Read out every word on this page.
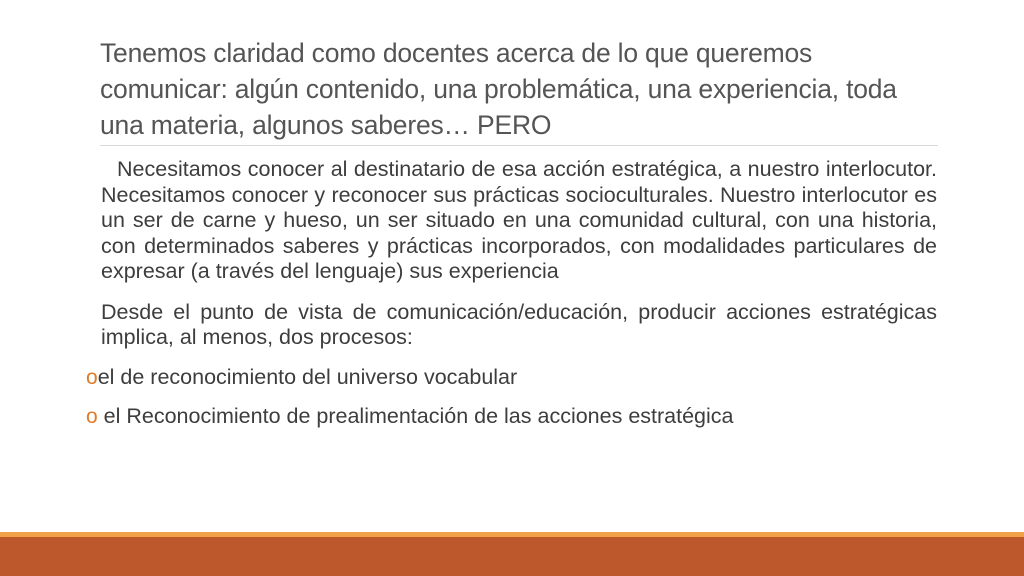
Tenemos claridad como docentes acerca de lo que queremos comunicar: algún contenido, una problemática, una experiencia, toda una materia, algunos saberes… PERO

Necesitamos conocer al destinatario de esa acción estratégica, a nuestro interlocutor. Necesitamos conocer y reconocer sus prácticas socioculturales. Nuestro interlocutor es un ser de carne y hueso, un ser situado en una comunidad cultural, con una historia, con determinados saberes y prácticas incorporados, con modalidades particulares de expresar (a través del lenguaje) sus experiencia

Desde el punto de vista de comunicación/educación, producir acciones estratégicas implica, al menos, dos procesos:

oel de reconocimiento del universo vocabular
o el Reconocimiento de prealimentación de las acciones estratégica
